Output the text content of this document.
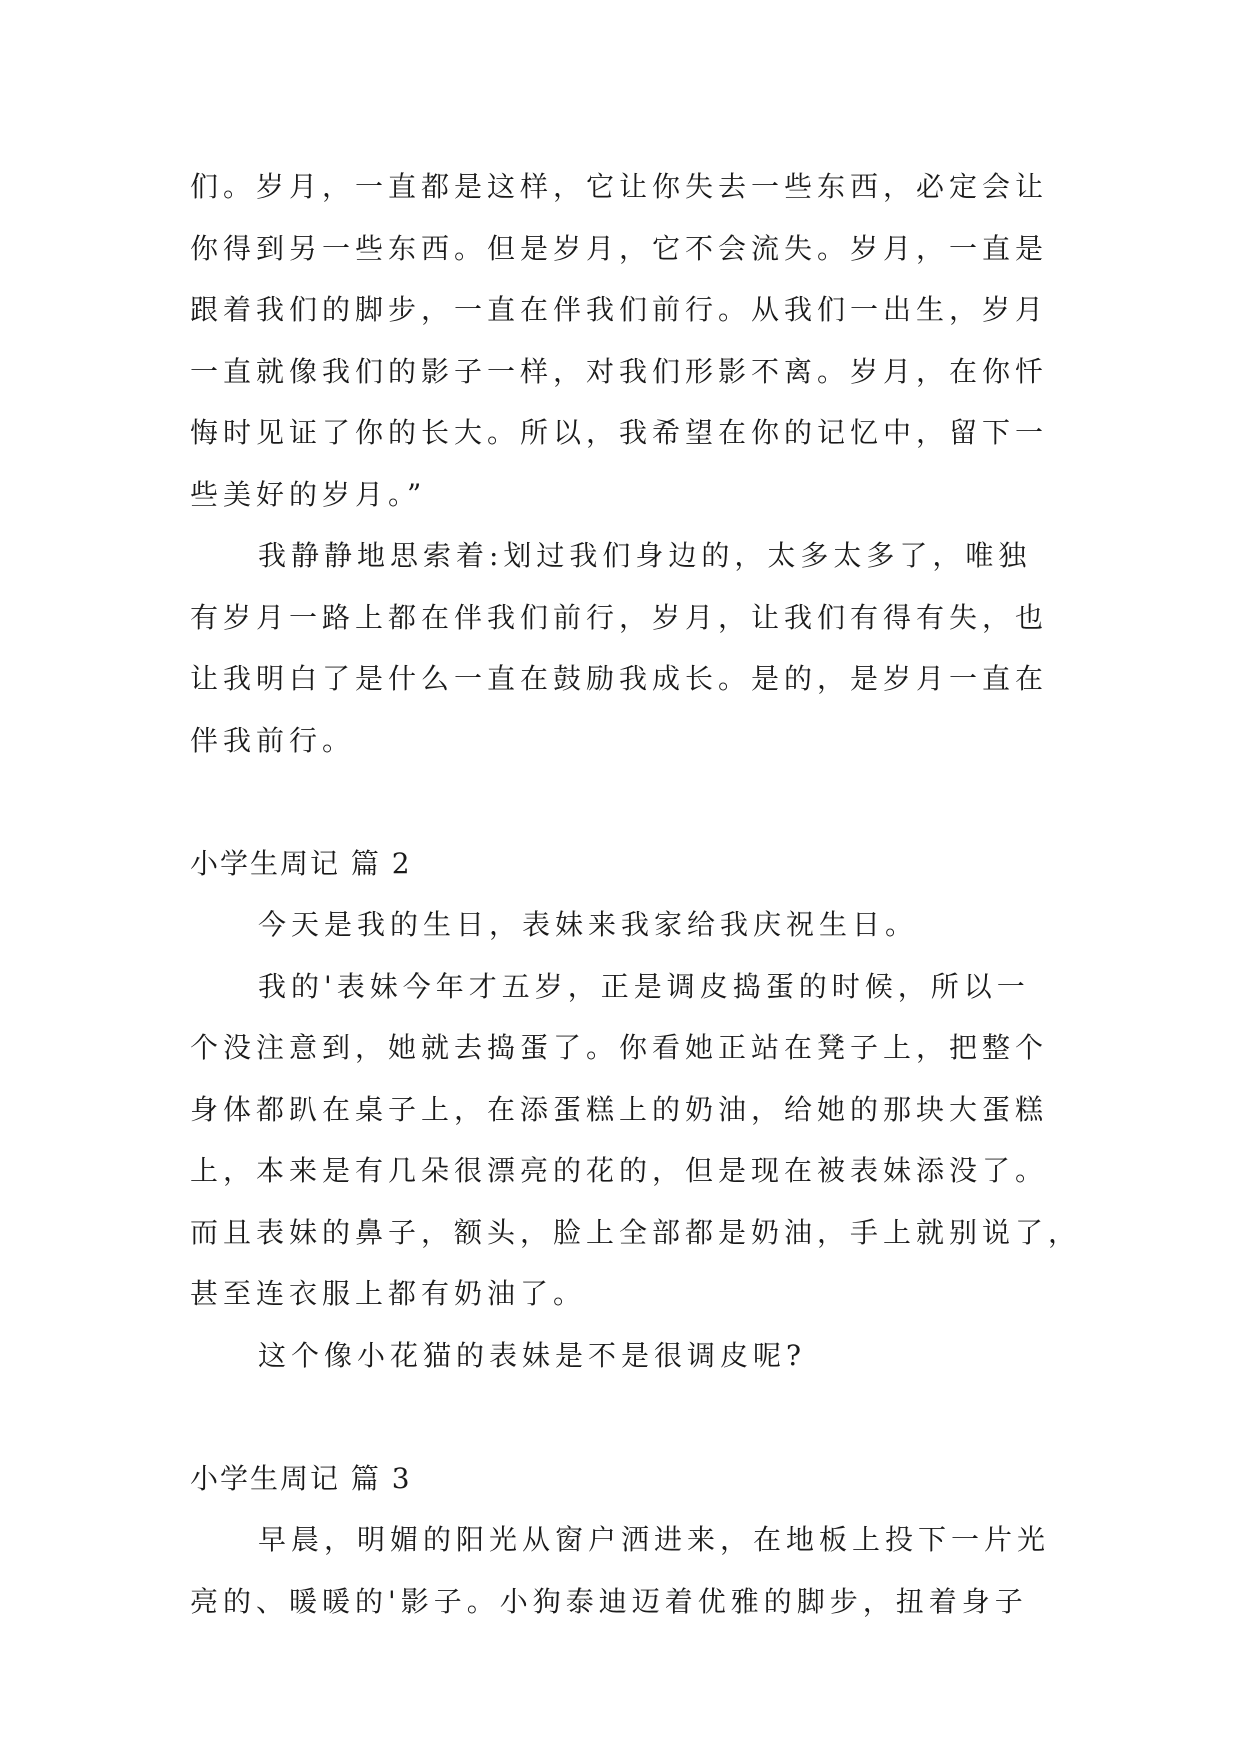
们。岁月，一直都是这样，它让你失去一些东西，必定会让
你得到另一些东西。但是岁月，它不会流失。岁月，一直是
跟着我们的脚步，一直在伴我们前行。从我们一出生，岁月
一直就像我们的影子一样，对我们形影不离。岁月，在你忏
悔时见证了你的长大。所以，我希望在你的记忆中，留下一
些美好的岁月。”
我静静地思索着:划过我们身边的，太多太多了，唯独
有岁月一路上都在伴我们前行，岁月，让我们有得有失，也
让我明白了是什么一直在鼓励我成长。是的，是岁月一直在
伴我前行。
小学生周记 篇 2
今天是我的生日，表妹来我家给我庆祝生日。
我的'表妹今年才五岁，正是调皮捣蛋的时候，所以一
个没注意到，她就去捣蛋了。你看她正站在凳子上，把整个
身体都趴在桌子上，在添蛋糕上的奶油，给她的那块大蛋糕
上，本来是有几朵很漂亮的花的，但是现在被表妹添没了。
而且表妹的鼻子，额头，脸上全部都是奶油，手上就别说了，
甚至连衣服上都有奶油了。
这个像小花猫的表妹是不是很调皮呢?
小学生周记 篇 3
早晨，明媚的阳光从窗户洒进来，在地板上投下一片光
亮的、暖暖的'影子。小狗泰迪迈着优雅的脚步，扭着身子
